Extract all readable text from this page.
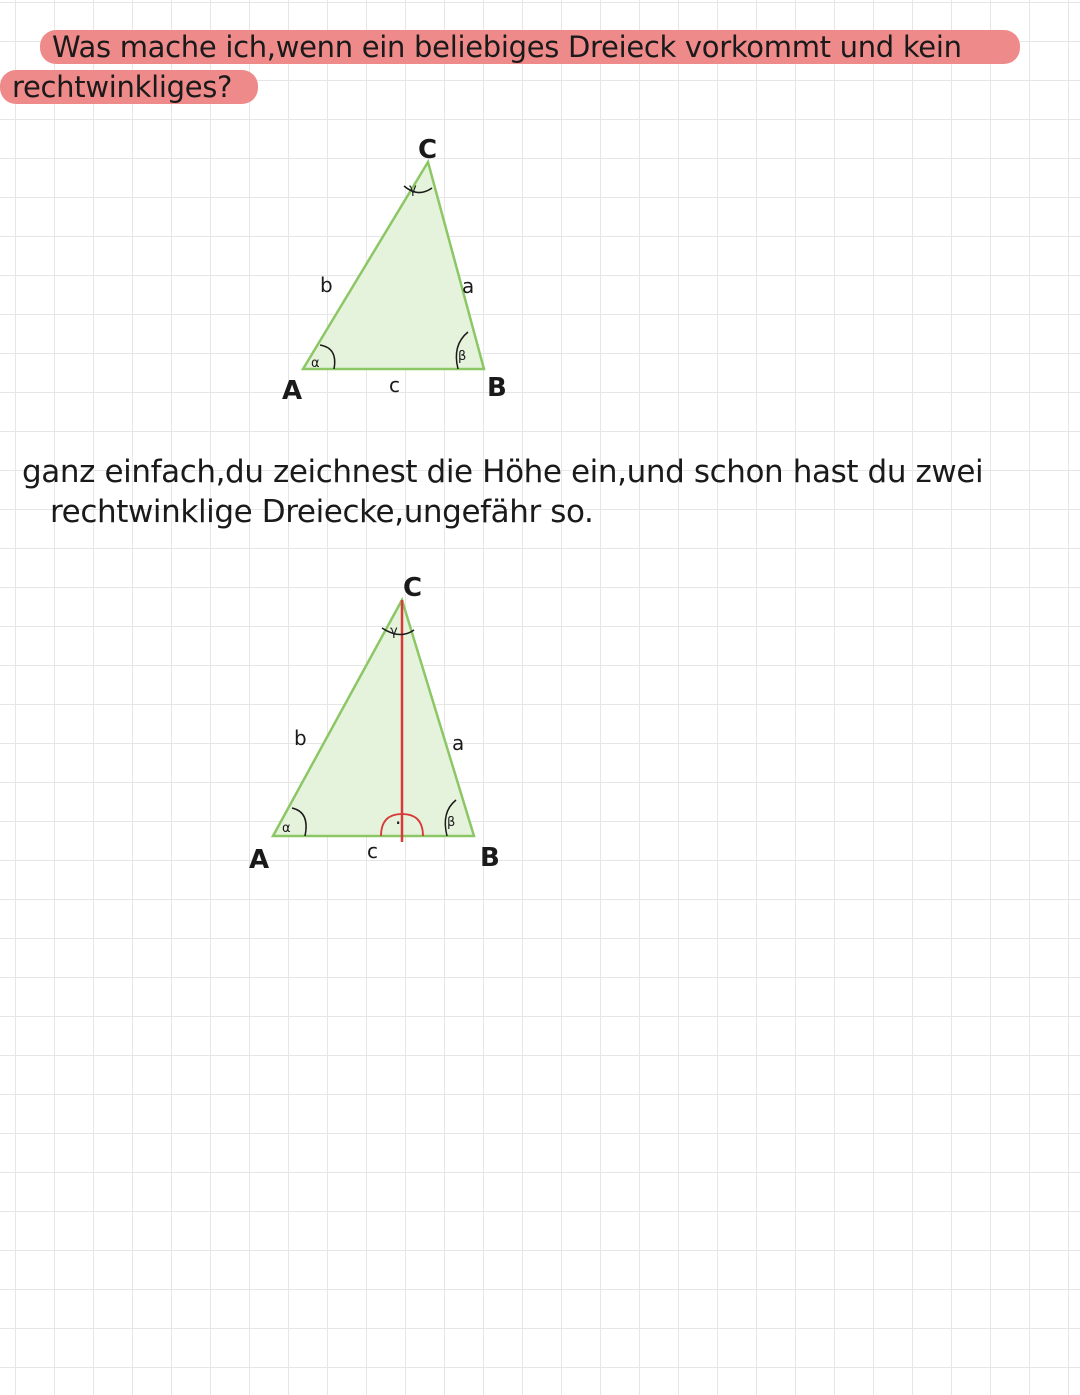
Was mache ich,wenn ein beliebiges Dreieck vorkommt und kein
rechtwinkliges?
α	β
γ
A	B
C
b	a
c
ganz einfach,du zeichnest die Höhe ein,und schon hast du zwei
rechtwinklige Dreiecke,ungefähr so.
·
α	β
γ
A	B
C
b	a
c
